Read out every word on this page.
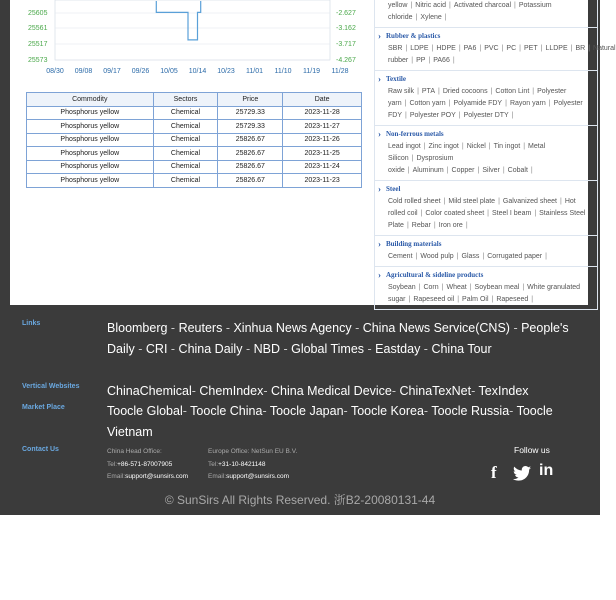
25605	-2.627
25561	-3.162
25517	-3.717
25573	-4.267
08/30 09/08 09/17 09/26 10/05 10/14 10/23 11/01 11/10 11/19 11/28
Commodity	Sectors	Price	Date
Phosphorus yellow	Chemical	25729.33	2023-11-28
Phosphorus yellow	Chemical	25729.33	2023-11-27
Phosphorus yellow	Chemical	25826.67	2023-11-26
Phosphorus yellow	Chemical	25826.67	2023-11-25
Phosphorus yellow	Chemical	25826.67	2023-11-24
Phosphorus yellow	Chemical	25826.67	2023-11-23
yellow | Nitric acid | Activated charcoal | Potassium chloride | Xylene |
› Rubber & plastics
SBR | LDPE | HDPE | PA6 | PVC | PC | PET | LLDPE | BR | Natural rubber | PP | PA66 |
› Textile
Raw silk | PTA | Dried cocoons | Cotton Lint | Polyester yarn | Cotton yarn | Polyamide FDY | Rayon yarn | Polyester FDY | Polyester POY | Polyester DTY |
› Non-ferrous metals
Lead ingot | Zinc ingot | Nickel | Tin ingot | Metal Silicon | Dysprosium oxide | Aluminum | Copper | Silver | Cobalt |
› Steel
Cold rolled sheet | Mild steel plate | Galvanized sheet | Hot rolled coil | Color coated sheet | Steel I beam | Stainless Steel Plate | Rebar | Iron ore |
› Building materials
Cement | Wood pulp | Glass | Corrugated paper |
› Agricultural & sideline products
Soybean | Corn | Wheat | Soybean meal | White granulated sugar | Rapeseed oil | Palm Oil | Rapeseed |
Links	Bloomberg - Reuters - Xinhua News Agency - China News Service(CNS) - People's Daily - CRI - China Daily - NBD - Global Times - Eastday - China Tour
Vertical Websites ChinaChemical- ChemIndex- China Medical Device- ChinaTexNet- TexIndex
Market Place	Toocle Global- Toocle China- Toocle Japan- Toocle Korea- Toocle Russia- Toocle Vietnam
Contact Us	China Head Office:
Tel:+86-571-87007905
Email:support@sunsirs.com
Europe Office: NetSun EU B.V.
Tel:+31-10-8421148
Email:support@sunsirs.com
Follow us
f	in
© SunSirs All Rights Reserved. 浙B2-20080131-44
